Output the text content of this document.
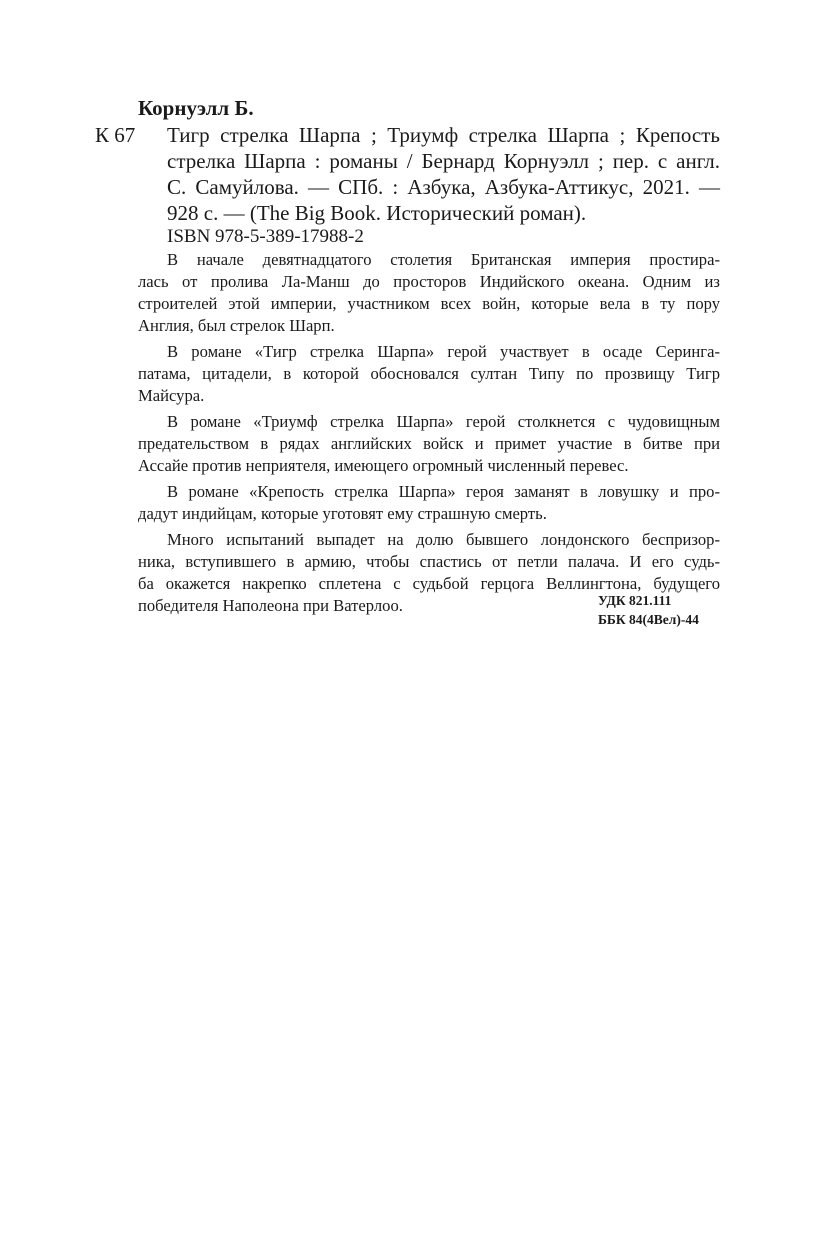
Корнуэлл Б.
К 67 Тигр стрелка Шарпа ; Триумф стрелка Шарпа ; Крепость
стрелка Шарпа : романы / Бернард Корнуэлл ; пер. с англ.
С. Самуйлова. — СПб. : Азбука, Азбука-Аттикус, 2021. —
928 с. — (The Big Book. Исторический роман).
ISBN 978-5-389-17988-2
В начале девятнадцатого столетия Британская империя простира-
лась от пролива Ла-Манш до просторов Индийского океана. Одним из
строителей этой империи, участником всех войн, которые вела в ту пору
Англия, был стрелок Шарп.
В романе «Тигр стрелка Шарпа» герой участвует в осаде Серинга-
патама, цитадели, в которой обосновался султан Типу по прозвищу Тигр
Майсура.
В романе «Триумф стрелка Шарпа» герой столкнется с чудовищным
предательством в рядах английских войск и примет участие в битве при
Ассайе против неприятеля, имеющего огромный численный перевес.
В романе «Крепость стрелка Шарпа» героя заманят в ловушку и про-
дадут индийцам, которые уготовят ему страшную смерть.
Много испытаний выпадет на долю бывшего лондонского беспризор-
ника, вступившего в армию, чтобы спастись от петли палача. И его судь-
ба окажется накрепко сплетена с судьбой герцога Веллингтона, будущего
победителя Наполеона при Ватерлоо.	УДК 821.111
ББК 84(4Вел)-44
